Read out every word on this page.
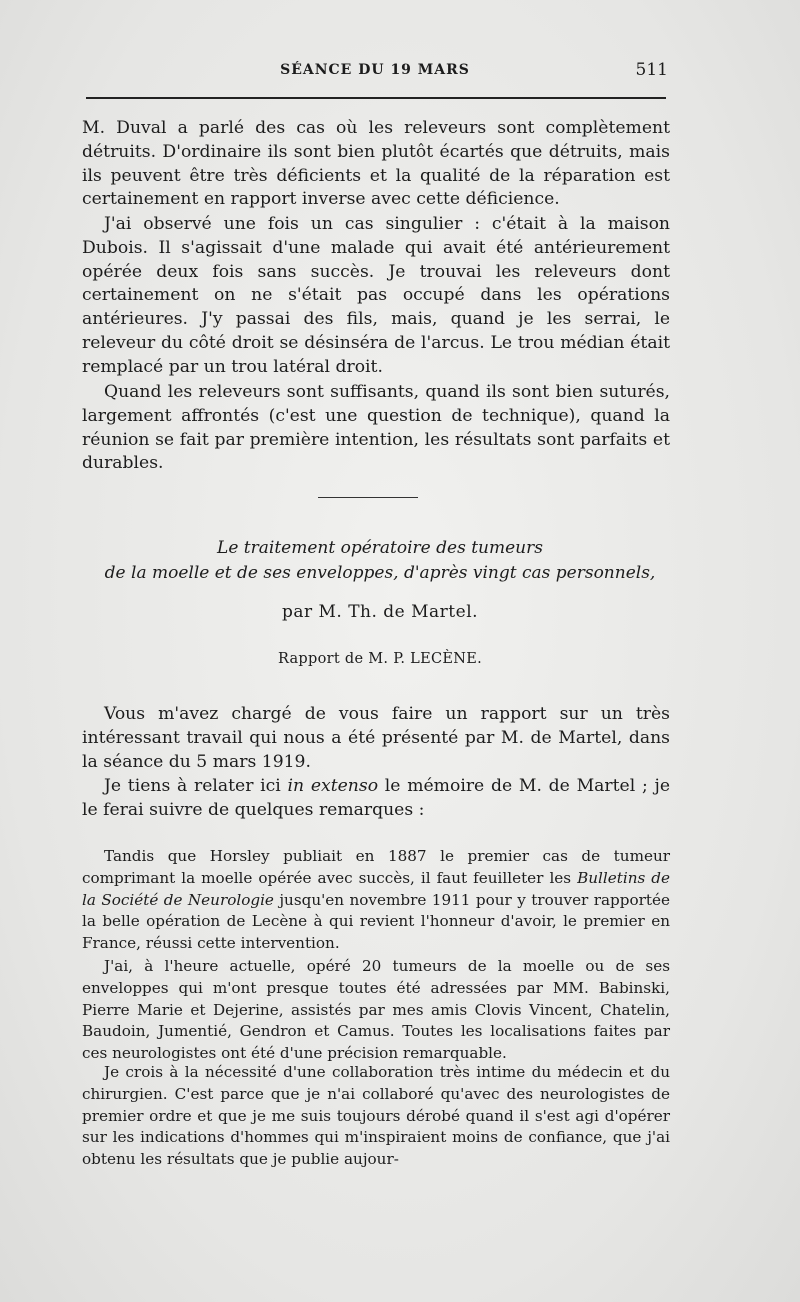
SÉANCE DU 19 MARS	511

M. Duval a parlé des cas où les releveurs sont complètement détruits. D'ordinaire ils sont bien plutôt écartés que détruits, mais ils peuvent être très déficients et la qualité de la réparation est certainement en rapport inverse avec cette déficience.

J'ai observé une fois un cas singulier : c'était à la maison Dubois. Il s'agissait d'une malade qui avait été antérieurement opérée deux fois sans succès. Je trouvai les releveurs dont certainement on ne s'était pas occupé dans les opérations antérieures. J'y passai des fils, mais, quand je les serrai, le releveur du côté droit se désinséra de l'arcus. Le trou médian était remplacé par un trou latéral droit.

Quand les releveurs sont suffisants, quand ils sont bien suturés, largement affrontés (c'est une question de technique), quand la réunion se fait par première intention, les résultats sont parfaits et durables.

Le traitement opératoire des tumeurs

de la moelle et de ses enveloppes, d'après vingt cas personnels,

par M. Th. de Martel.

Rapport de M. P. LECÈNE.

Vous m'avez chargé de vous faire un rapport sur un très intéressant travail qui nous a été présenté par M. de Martel, dans la séance du 5 mars 1919.

Je tiens à relater ici in extenso le mémoire de M. de Martel ; je le ferai suivre de quelques remarques :

Tandis que Horsley publiait en 1887 le premier cas de tumeur comprimant la moelle opérée avec succès, il faut feuilleter les Bulletins de la Société de Neurologie jusqu'en novembre 1911 pour y trouver rapportée la belle opération de Lecène à qui revient l'honneur d'avoir, le premier en France, réussi cette intervention.

J'ai, à l'heure actuelle, opéré 20 tumeurs de la moelle ou de ses enveloppes qui m'ont presque toutes été adressées par MM. Babinski, Pierre Marie et Dejerine, assistés par mes amis Clovis Vincent, Chatelin, Baudoin, Jumentié, Gendron et Camus. Toutes les localisations faites par ces neurologistes ont été d'une précision remarquable.

Je crois à la nécessité d'une collaboration très intime du médecin et du chirurgien. C'est parce que je n'ai collaboré qu'avec des neurologistes de premier ordre et que je me suis toujours dérobé quand il s'est agi d'opérer sur les indications d'hommes qui m'inspiraient moins de confiance, que j'ai obtenu les résultats que je publie aujour-
